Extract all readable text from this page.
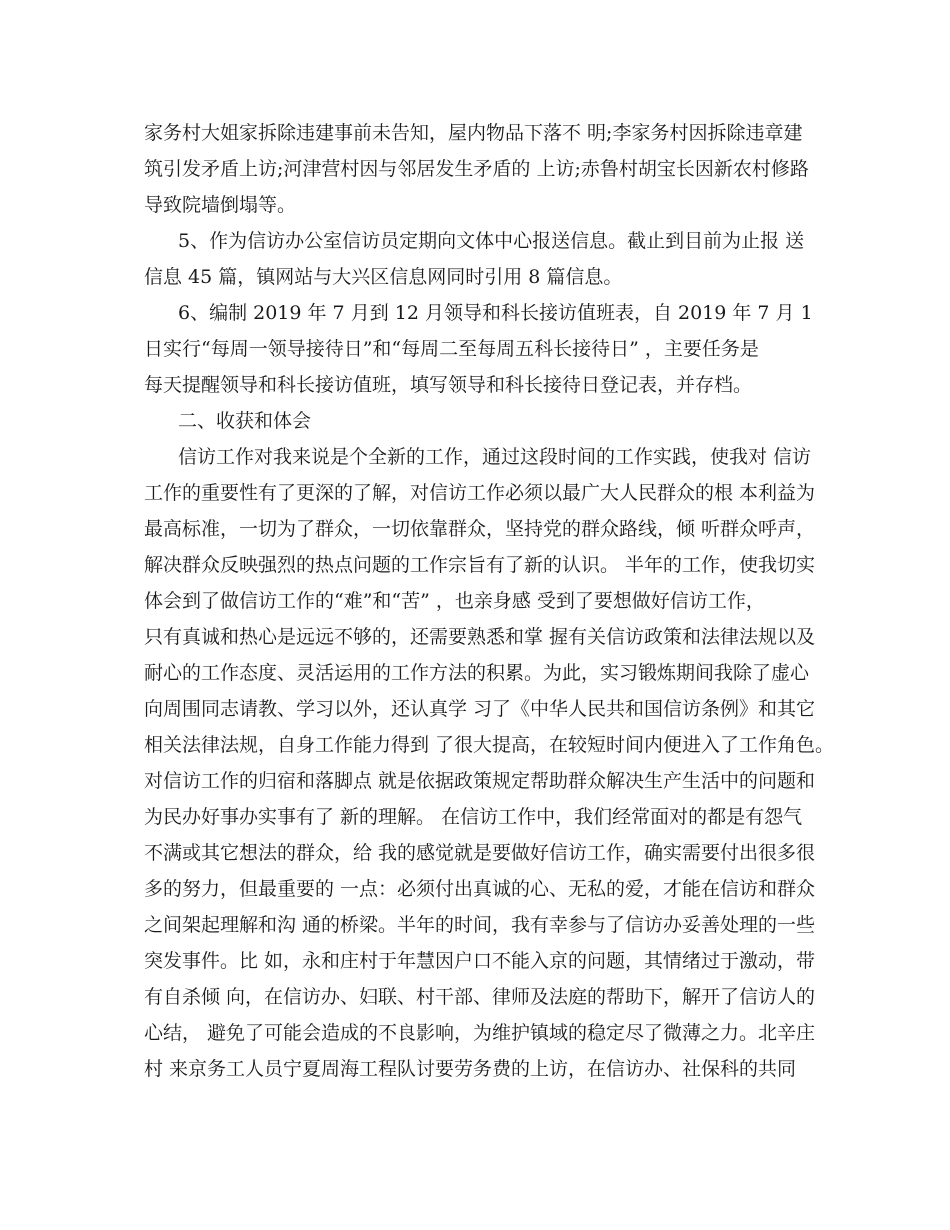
家务村大姐家拆除违建事前未告知，屋内物品下落不 明;李家务村因拆除违章建
筑引发矛盾上访;河津营村因与邻居发生矛盾的 上访;赤鲁村胡宝长因新农村修路
导致院墙倒塌等。
5、作为信访办公室信访员定期向文体中心报送信息。截止到目前为止报 送
信息 45 篇，镇网站与大兴区信息网同时引用 8 篇信息。
6、编制 2019 年 7 月到 12 月领导和科长接访值班表，自 2019 年 7 月 1
日实行“每周一领导接待日”和“每周二至每周五科长接待日” ，主要任务是
每天提醒领导和科长接访值班，填写领导和科长接待日登记表，并存档。
二、收获和体会
信访工作对我来说是个全新的工作，通过这段时间的工作实践，使我对 信访
工作的重要性有了更深的了解，对信访工作必须以最广大人民群众的根 本利益为
最高标准，一切为了群众，一切依靠群众，坚持党的群众路线，倾 听群众呼声，
解决群众反映强烈的热点问题的工作宗旨有了新的认识。 半年的工作，使我切实
体会到了做信访工作的“难”和“苦” ，也亲身感 受到了要想做好信访工作，
只有真诚和热心是远远不够的，还需要熟悉和掌 握有关信访政策和法律法规以及
耐心的工作态度、灵活运用的工作方法的积累。为此，实习锻炼期间我除了虚心
向周围同志请教、学习以外，还认真学 习了《中华人民共和国信访条例》和其它
相关法律法规，自身工作能力得到 了很大提高，在较短时间内便进入了工作角色。
对信访工作的归宿和落脚点 就是依据政策规定帮助群众解决生产生活中的问题和
为民办好事办实事有了 新的理解。 在信访工作中，我们经常面对的都是有怨气
不满或其它想法的群众，给 我的感觉就是要做好信访工作，确实需要付出很多很
多的努力，但最重要的 一点：必须付出真诚的心、无私的爱，才能在信访和群众
之间架起理解和沟 通的桥梁。半年的时间，我有幸参与了信访办妥善处理的一些
突发事件。比 如，永和庄村于年慧因户口不能入京的问题，其情绪过于激动，带
有自杀倾 向，在信访办、妇联、村干部、律师及法庭的帮助下，解开了信访人的
心结， 避免了可能会造成的不良影响，为维护镇域的稳定尽了微薄之力。北辛庄
村 来京务工人员宁夏周海工程队讨要劳务费的上访，在信访办、社保科的共同
